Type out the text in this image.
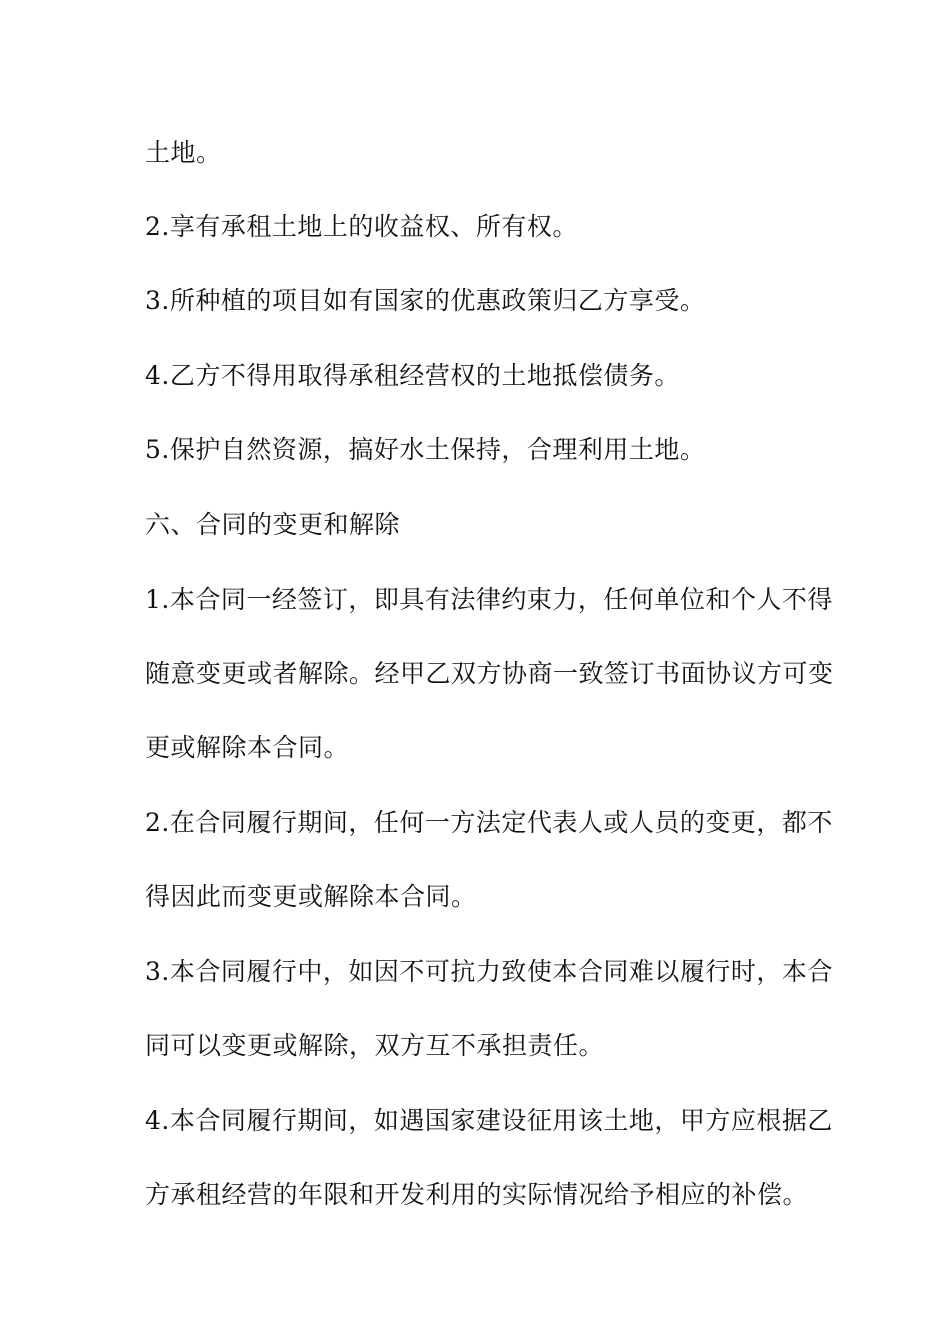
土地。
2.享有承租土地上的收益权、所有权。
3.所种植的项目如有国家的优惠政策归乙方享受。
4.乙方不得用取得承租经营权的土地抵偿债务。
5.保护自然资源，搞好水土保持，合理利用土地。
六、合同的变更和解除
1.本合同一经签订，即具有法律约束力，任何单位和个人不得
随意变更或者解除。经甲乙双方协商一致签订书面协议方可变
更或解除本合同。
2.在合同履行期间，任何一方法定代表人或人员的变更，都不
得因此而变更或解除本合同。
3.本合同履行中，如因不可抗力致使本合同难以履行时，本合
同可以变更或解除，双方互不承担责任。
4.本合同履行期间，如遇国家建设征用该土地，甲方应根据乙
方承租经营的年限和开发利用的实际情况给予相应的补偿。
